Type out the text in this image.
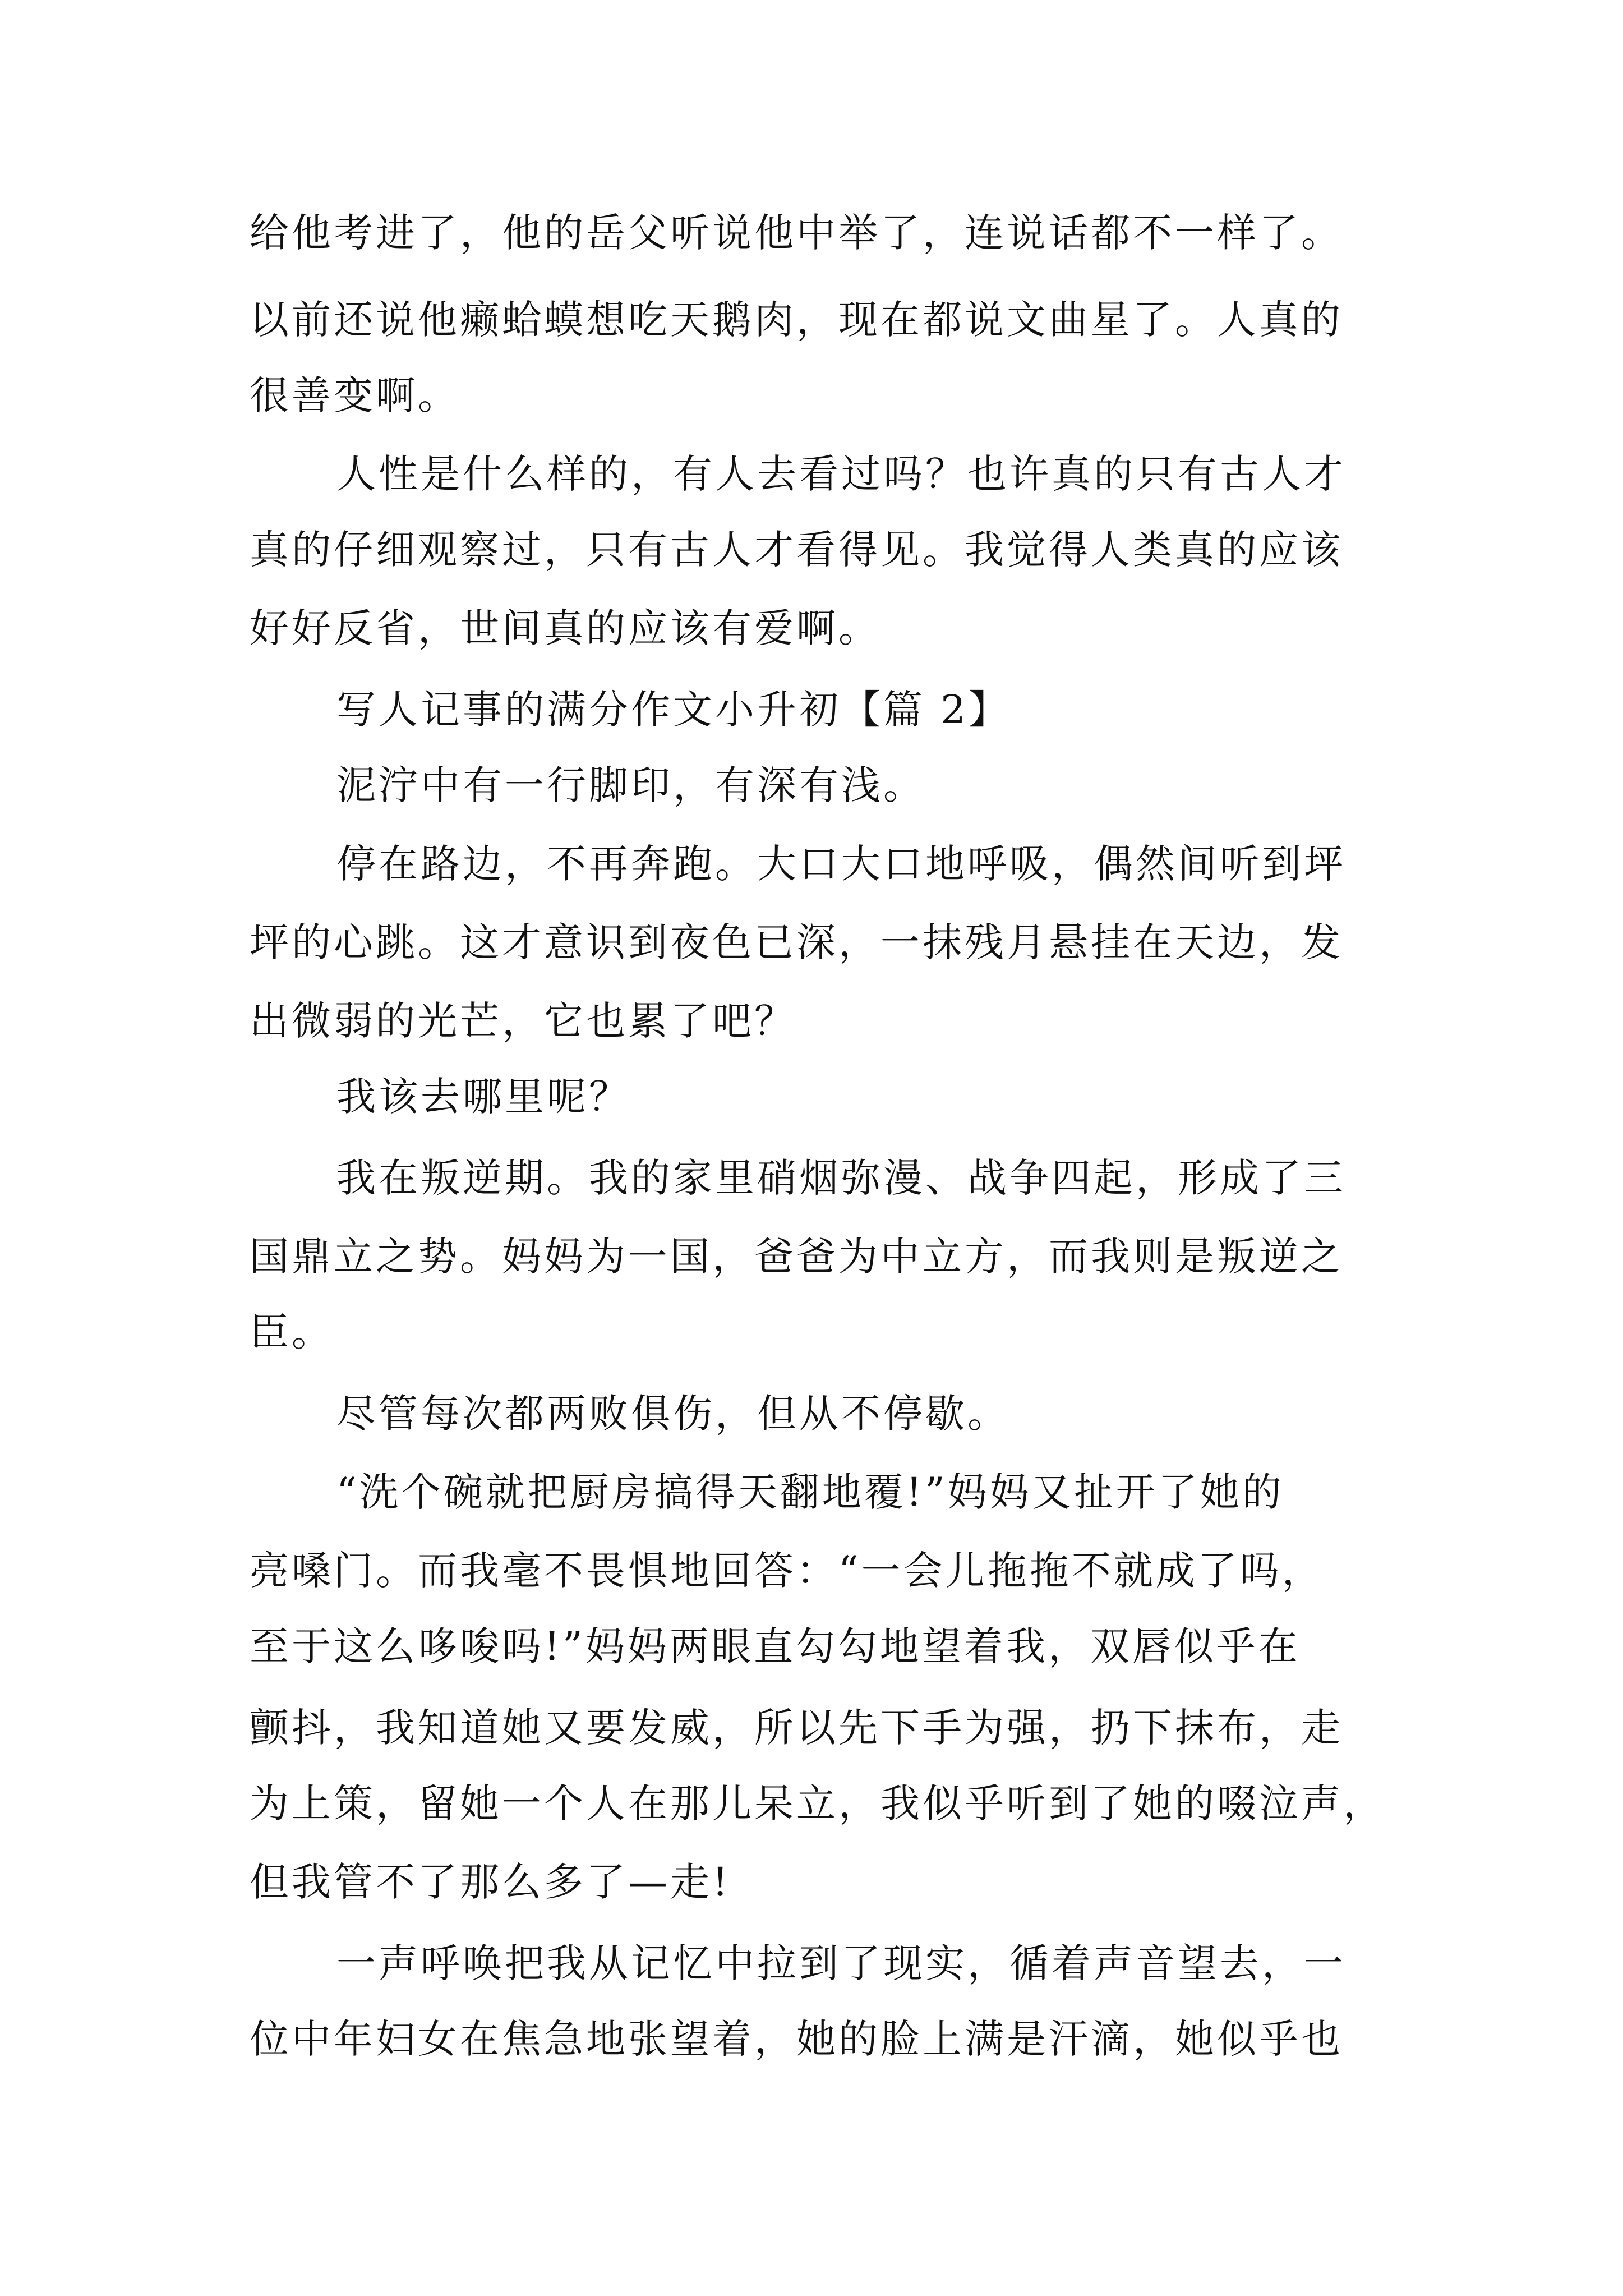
给他考进了，他的岳父听说他中举了，连说话都不一样了。

以前还说他癞蛤蟆想吃天鹅肉，现在都说文曲星了。人真的

很善变啊。

人性是什么样的，有人去看过吗？也许真的只有古人才

真的仔细观察过，只有古人才看得见。我觉得人类真的应该

好好反省，世间真的应该有爱啊。

写人记事的满分作文小升初【篇 2】

泥泞中有一行脚印，有深有浅。

停在路边，不再奔跑。大口大口地呼吸，偶然间听到坪

坪的心跳。这才意识到夜色已深，一抹残月悬挂在天边，发

出微弱的光芒，它也累了吧？

我该去哪里呢？

我在叛逆期。我的家里硝烟弥漫、战争四起，形成了三

国鼎立之势。妈妈为一国，爸爸为中立方，而我则是叛逆之

臣。

尽管每次都两败俱伤，但从不停歇。

“洗个碗就把厨房搞得天翻地覆!”妈妈又扯开了她的

亮嗓门。而我毫不畏惧地回答：“一会儿拖拖不就成了吗，

至于这么哆唆吗!”妈妈两眼直勾勾地望着我，双唇似乎在

颤抖，我知道她又要发威，所以先下手为强，扔下抹布，走

为上策，留她一个人在那儿呆立，我似乎听到了她的啜泣声，

但我管不了那么多了—走!

一声呼唤把我从记忆中拉到了现实，循着声音望去，一

位中年妇女在焦急地张望着，她的脸上满是汗滴，她似乎也
